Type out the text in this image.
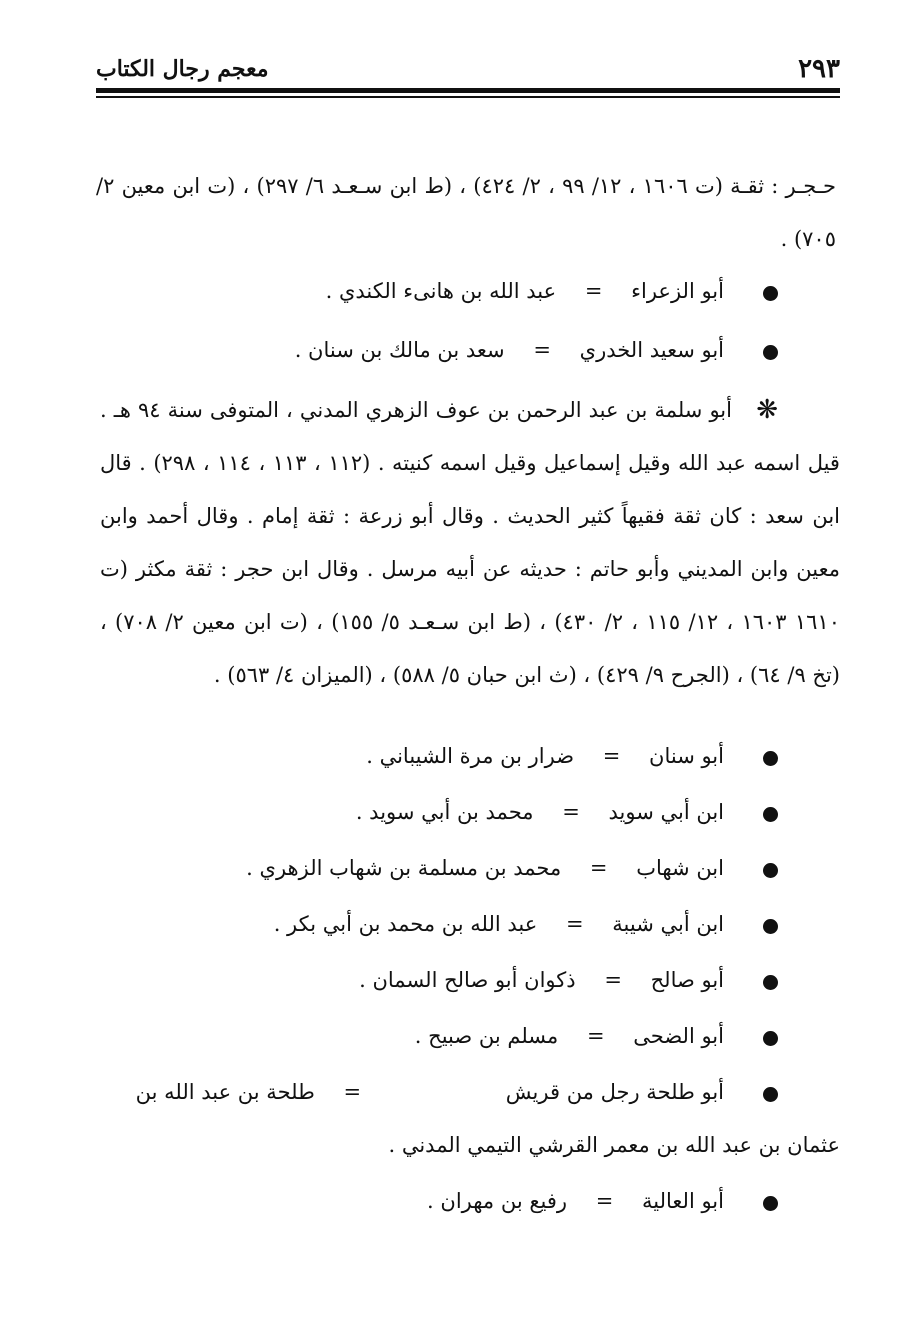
٢٩٣
معجم رجال الكتاب
حـجـر : ثقـة (ت ١٦٠٦ ، ١٢/ ٩٩ ، ٢/ ٤٢٤) ، (ط ابن سـعـد ٦/ ٢٩٧) ، (ت ابن معين ٢/ ٧٠٥) .
أبو الزعراء = عبد الله بن هانىء الكندي .
أبو سعيد الخدري = سعد بن مالك بن سنان .
❋
أبو سلمة بن عبد الرحمن بن عوف الزهري المدني ، المتوفى سنة ٩٤ هـ . قيل اسمه عبد الله وقيل إسماعيل وقيل اسمه كنيته . (١١٢ ، ١١٣ ، ١١٤ ، ٢٩٨) . قال ابن سعد : كان ثقة فقيهاً كثير الحديث . وقال أبو زرعة : ثقة إمام . وقال أحمد وابن معين وابن المديني وأبو حاتم : حديثه عن أبيه مرسل . وقال ابن حجر : ثقة مكثر (ت ١٦١٠ ١٦٠٣ ، ١٢/ ١١٥ ، ٢/ ٤٣٠) ، (ط ابن سـعـد ٥/ ١٥٥) ، (ت ابن معين ٢/ ٧٠٨) ، (تخ ٩/ ٦٤) ، (الجرح ٩/ ٤٢٩) ، (ث ابن حبان ٥/ ٥٨٨) ، (الميزان ٤/ ٥٦٣) .
أبو سنان = ضرار بن مرة الشيباني .
ابن أبي سويد = محمد بن أبي سويد .
ابن شهاب = محمد بن مسلمة بن شهاب الزهري .
ابن أبي شيبة = عبد الله بن محمد بن أبي بكر .
أبو صالح = ذكوان أبو صالح السمان .
أبو الضحى = مسلم بن صبيح .
أبو طلحة رجل من قريش = طلحة بن عبد الله بن عثمان بن عبد الله بن معمر القرشي التيمي المدني .
أبو العالية = رفيع بن مهران .
